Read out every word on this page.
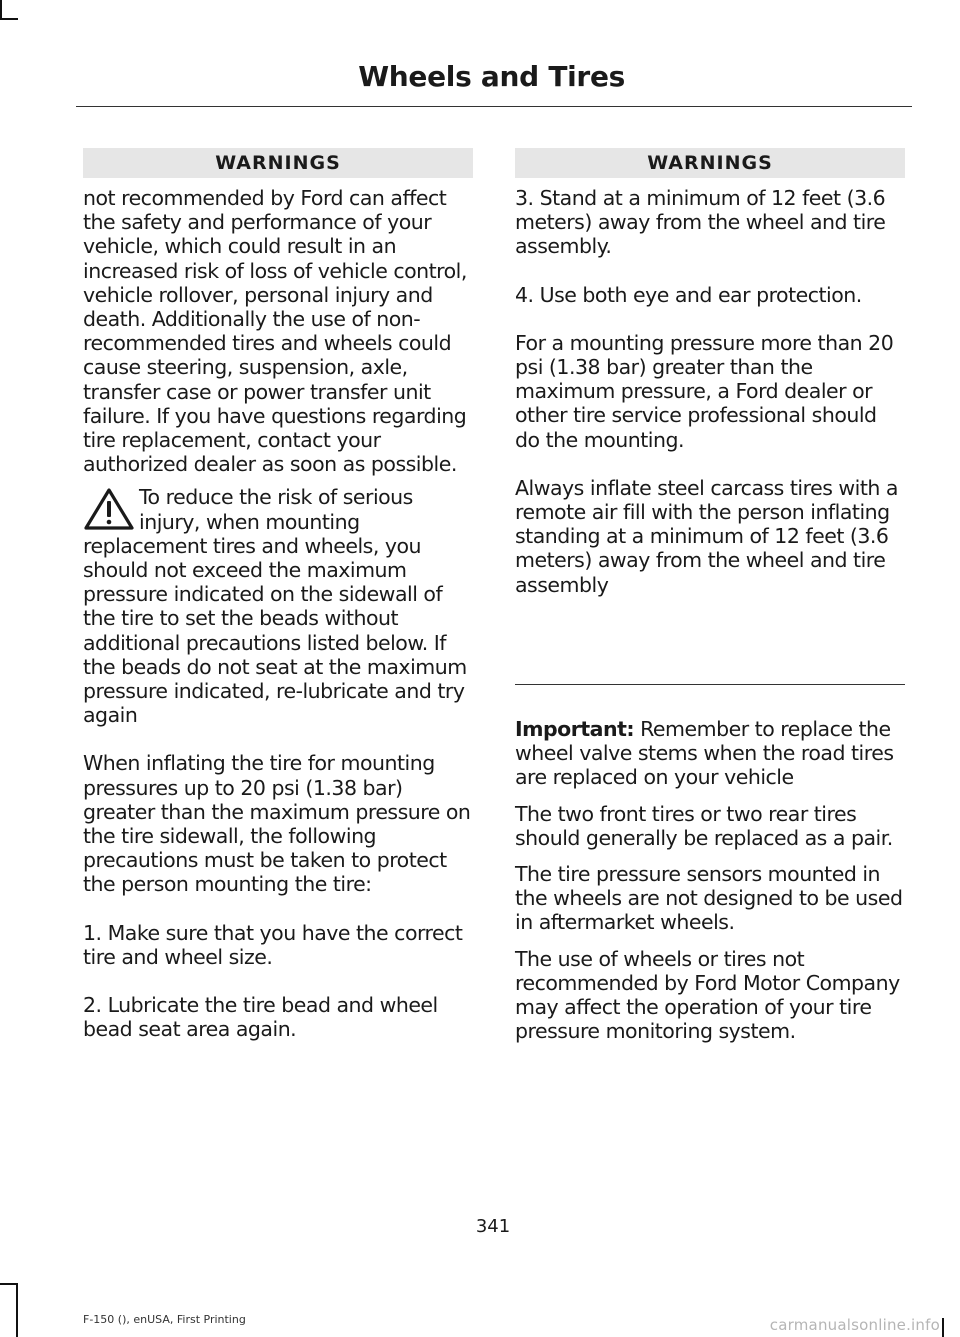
Wheels and Tires
WARNINGS

not recommended by Ford can affect the safety and performance of your vehicle, which could result in an increased risk of loss of vehicle control, vehicle rollover, personal injury and death. Additionally the use of non-recommended tires and wheels could cause steering, suspension, axle, transfer case or power transfer unit failure. If you have questions regarding tire replacement, contact your authorized dealer as soon as possible.

To reduce the risk of serious injury, when mounting replacement tires and wheels, you should not exceed the maximum pressure indicated on the sidewall of the tire to set the beads without additional precautions listed below. If the beads do not seat at the maximum pressure indicated, re-lubricate and try again

When inflating the tire for mounting pressures up to 20 psi (1.38 bar) greater than the maximum pressure on the tire sidewall, the following precautions must be taken to protect the person mounting the tire:

1. Make sure that you have the correct tire and wheel size.

2. Lubricate the tire bead and wheel bead seat area again.

WARNINGS

3. Stand at a minimum of 12 feet (3.6 meters) away from the wheel and tire assembly.

4. Use both eye and ear protection.

For a mounting pressure more than 20 psi (1.38 bar) greater than the maximum pressure, a Ford dealer or other tire service professional should do the mounting.

Always inflate steel carcass tires with a remote air fill with the person inflating standing at a minimum of 12 feet (3.6 meters) away from the wheel and tire assembly

Important: Remember to replace the wheel valve stems when the road tires are replaced on your vehicle

The two front tires or two rear tires should generally be replaced as a pair.

The tire pressure sensors mounted in the wheels are not designed to be used in aftermarket wheels.

The use of wheels or tires not recommended by Ford Motor Company may affect the operation of your tire pressure monitoring system.

341
F-150 (), enUSA, First Printing	carmanualsonline.info
